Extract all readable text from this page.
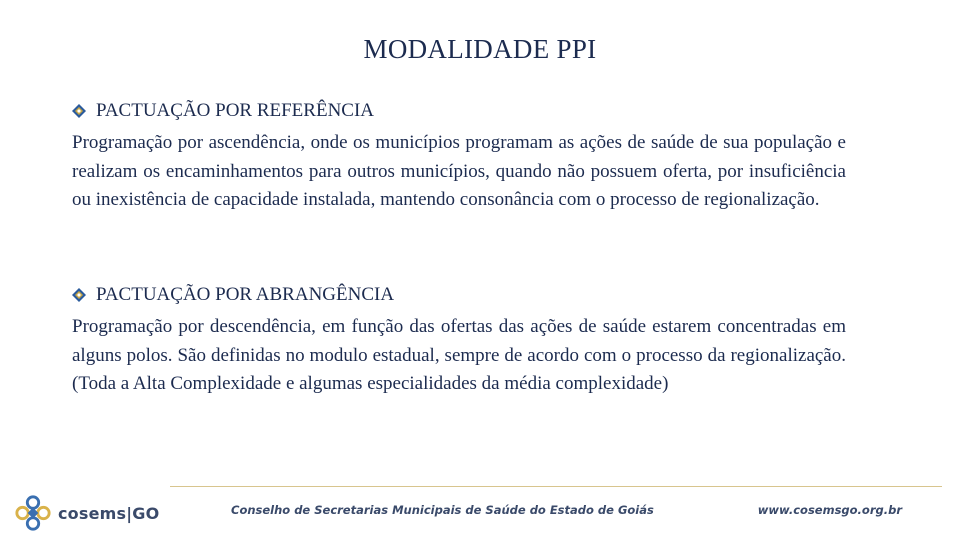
MODALIDADE PPI
PACTUAÇÃO POR REFERÊNCIA

Programação por ascendência, onde os municípios programam as ações de saúde de sua população e realizam os encaminhamentos para outros municípios, quando não possuem oferta, por insuficiência ou inexistência de capacidade instalada, mantendo consonância com o processo de regionalização.

PACTUAÇÃO POR ABRANGÊNCIA

Programação por descendência, em função das ofertas das ações de saúde estarem concentradas em alguns polos. São definidas no modulo estadual, sempre de acordo com o processo da regionalização. (Toda a Alta Complexidade e algumas especialidades da média complexidade)

cosems|GO	Conselho de Secretarias Municipais de Saúde do Estado de Goiás	www.cosemsgo.org.br
